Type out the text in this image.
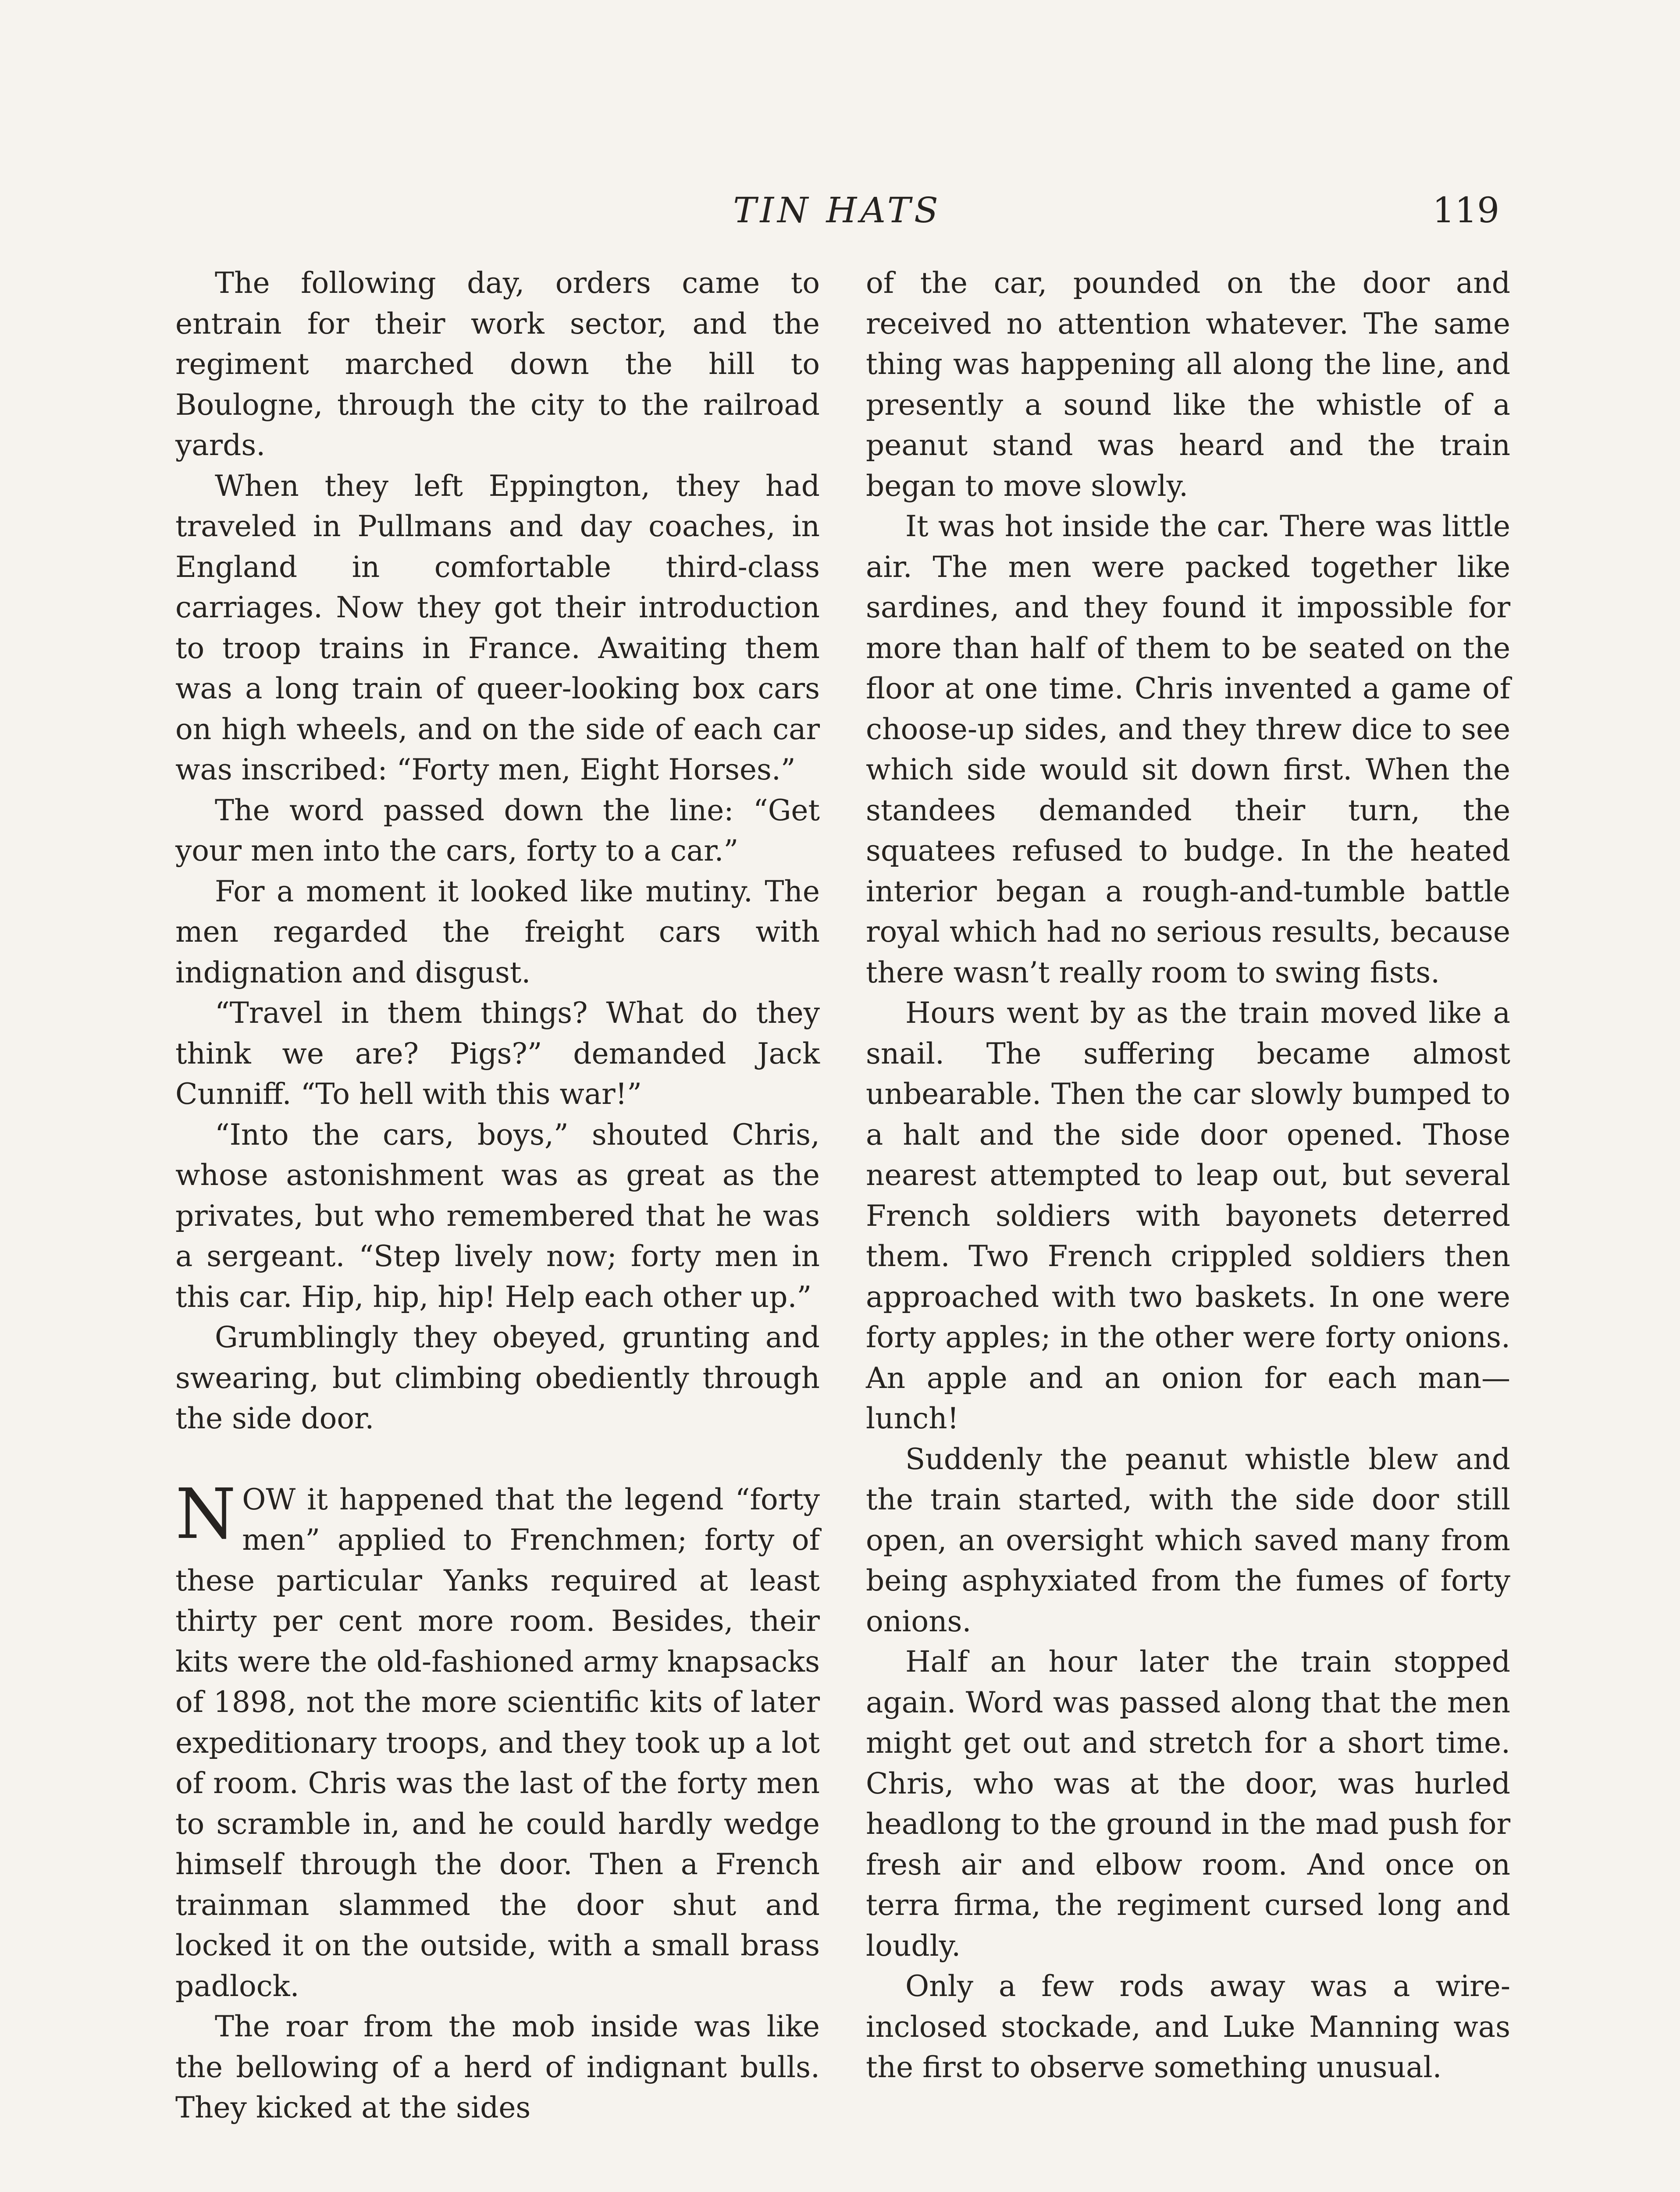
TIN HATS	119

The following day, orders came to entrain for their work sector, and the regiment marched down the hill to Boulogne, through the city to the railroad yards.

When they left Eppington, they had traveled in Pullmans and day coaches, in England in comfortable third-class carriages. Now they got their introduction to troop trains in France. Awaiting them was a long train of queer-looking box cars on high wheels, and on the side of each car was inscribed: “Forty men, Eight Horses.”

The word passed down the line: “Get your men into the cars, forty to a car.”

For a moment it looked like mutiny. The men regarded the freight cars with indignation and disgust.

“Travel in them things? What do they think we are? Pigs?” demanded Jack Cunniff. “To hell with this war!”

“Into the cars, boys,” shouted Chris, whose astonishment was as great as the privates, but who remembered that he was a sergeant. “Step lively now; forty men in this car. Hip, hip, hip! Help each other up.”

Grumblingly they obeyed, grunting and swearing, but climbing obediently through the side door.

NOW it happened that the legend “forty men” applied to Frenchmen; forty of these particular Yanks required at least thirty per cent more room. Besides, their kits were the old-fashioned army knapsacks of 1898, not the more scientific kits of later expeditionary troops, and they took up a lot of room. Chris was the last of the forty men to scramble in, and he could hardly wedge himself through the door. Then a French trainman slammed the door shut and locked it on the outside, with a small brass padlock.

The roar from the mob inside was like the bellowing of a herd of indignant bulls. They kicked at the sides

of the car, pounded on the door and received no attention whatever. The same thing was happening all along the line, and presently a sound like the whistle of a peanut stand was heard and the train began to move slowly.

It was hot inside the car. There was little air. The men were packed together like sardines, and they found it impossible for more than half of them to be seated on the floor at one time. Chris invented a game of choose-up sides, and they threw dice to see which side would sit down first. When the standees demanded their turn, the squatees refused to budge. In the heated interior began a rough-and-tumble battle royal which had no serious results, because there wasn’t really room to swing fists.

Hours went by as the train moved like a snail. The suffering became almost unbearable. Then the car slowly bumped to a halt and the side door opened. Those nearest attempted to leap out, but several French soldiers with bayonets deterred them. Two French crippled soldiers then approached with two baskets. In one were forty apples; in the other were forty onions. An apple and an onion for each man—lunch!

Suddenly the peanut whistle blew and the train started, with the side door still open, an oversight which saved many from being asphyxiated from the fumes of forty onions.

Half an hour later the train stopped again. Word was passed along that the men might get out and stretch for a short time. Chris, who was at the door, was hurled headlong to the ground in the mad push for fresh air and elbow room. And once on terra firma, the regiment cursed long and loudly.

Only a few rods away was a wire-inclosed stockade, and Luke Manning was the first to observe something unusual.
